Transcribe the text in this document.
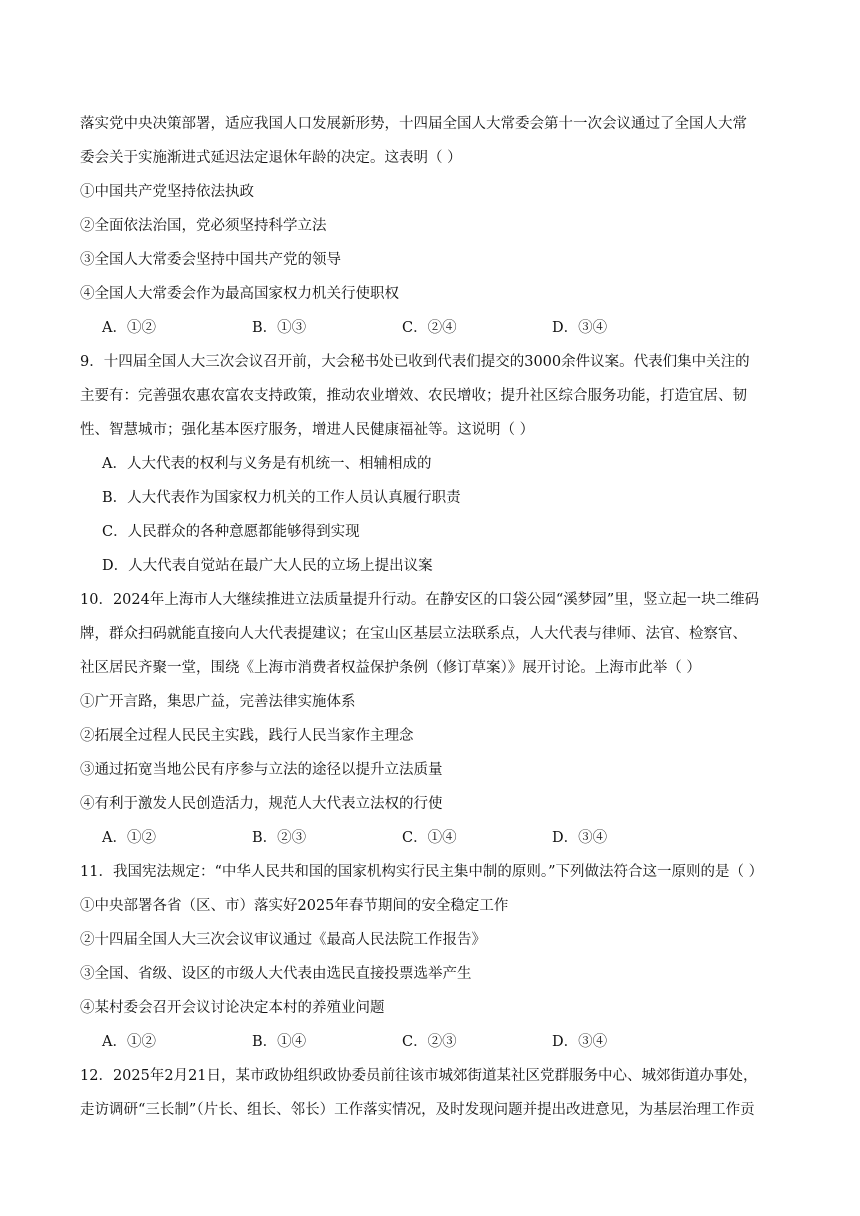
落实党中央决策部署，适应我国人口发展新形势，十四届全国人大常委会第十一次会议通过了全国人大常
委会关于实施渐进式延迟法定退休年龄的决定。这表明（ ）
①中国共产党坚持依法执政
②全面依法治国，党必须坚持科学立法
③全国人大常委会坚持中国共产党的领导
④全国人大常委会作为最高国家权力机关行使职权
A．①②	B．①③	C．②④	D．③④
9．十四届全国人大三次会议召开前，大会秘书处已收到代表们提交的3000余件议案。代表们集中关注的
主要有：完善强农惠农富农支持政策，推动农业增效、农民增收；提升社区综合服务功能，打造宜居、韧
性、智慧城市；强化基本医疗服务，增进人民健康福祉等。这说明（ ）
A．人大代表的权利与义务是有机统一、相辅相成的
B．人大代表作为国家权力机关的工作人员认真履行职责
C．人民群众的各种意愿都能够得到实现
D．人大代表自觉站在最广大人民的立场上提出议案
10．2024年上海市人大继续推进立法质量提升行动。在静安区的口袋公园“溪梦园”里，竖立起一块二维码
牌，群众扫码就能直接向人大代表提建议；在宝山区基层立法联系点，人大代表与律师、法官、检察官、
社区居民齐聚一堂，围绕《上海市消费者权益保护条例（修订草案）》展开讨论。上海市此举（ ）
①广开言路，集思广益，完善法律实施体系
②拓展全过程人民民主实践，践行人民当家作主理念
③通过拓宽当地公民有序参与立法的途径以提升立法质量
④有利于激发人民创造活力，规范人大代表立法权的行使
A．①②	B．②③	C．①④	D．③④
11．我国宪法规定：“中华人民共和国的国家机构实行民主集中制的原则。”下列做法符合这一原则的是（ ）
①中央部署各省（区、市）落实好2025年春节期间的安全稳定工作
②十四届全国人大三次会议审议通过《最高人民法院工作报告》
③全国、省级、设区的市级人大代表由选民直接投票选举产生
④某村委会召开会议讨论决定本村的养殖业问题
A．①②	B．①④	C．②③	D．③④
12．2025年2月21日，某市政协组织政协委员前往该市城郊街道某社区党群服务中心、城郊街道办事处，
走访调研“三长制”（片长、组长、邻长）工作落实情况，及时发现问题并提出改进意见，为基层治理工作贡
